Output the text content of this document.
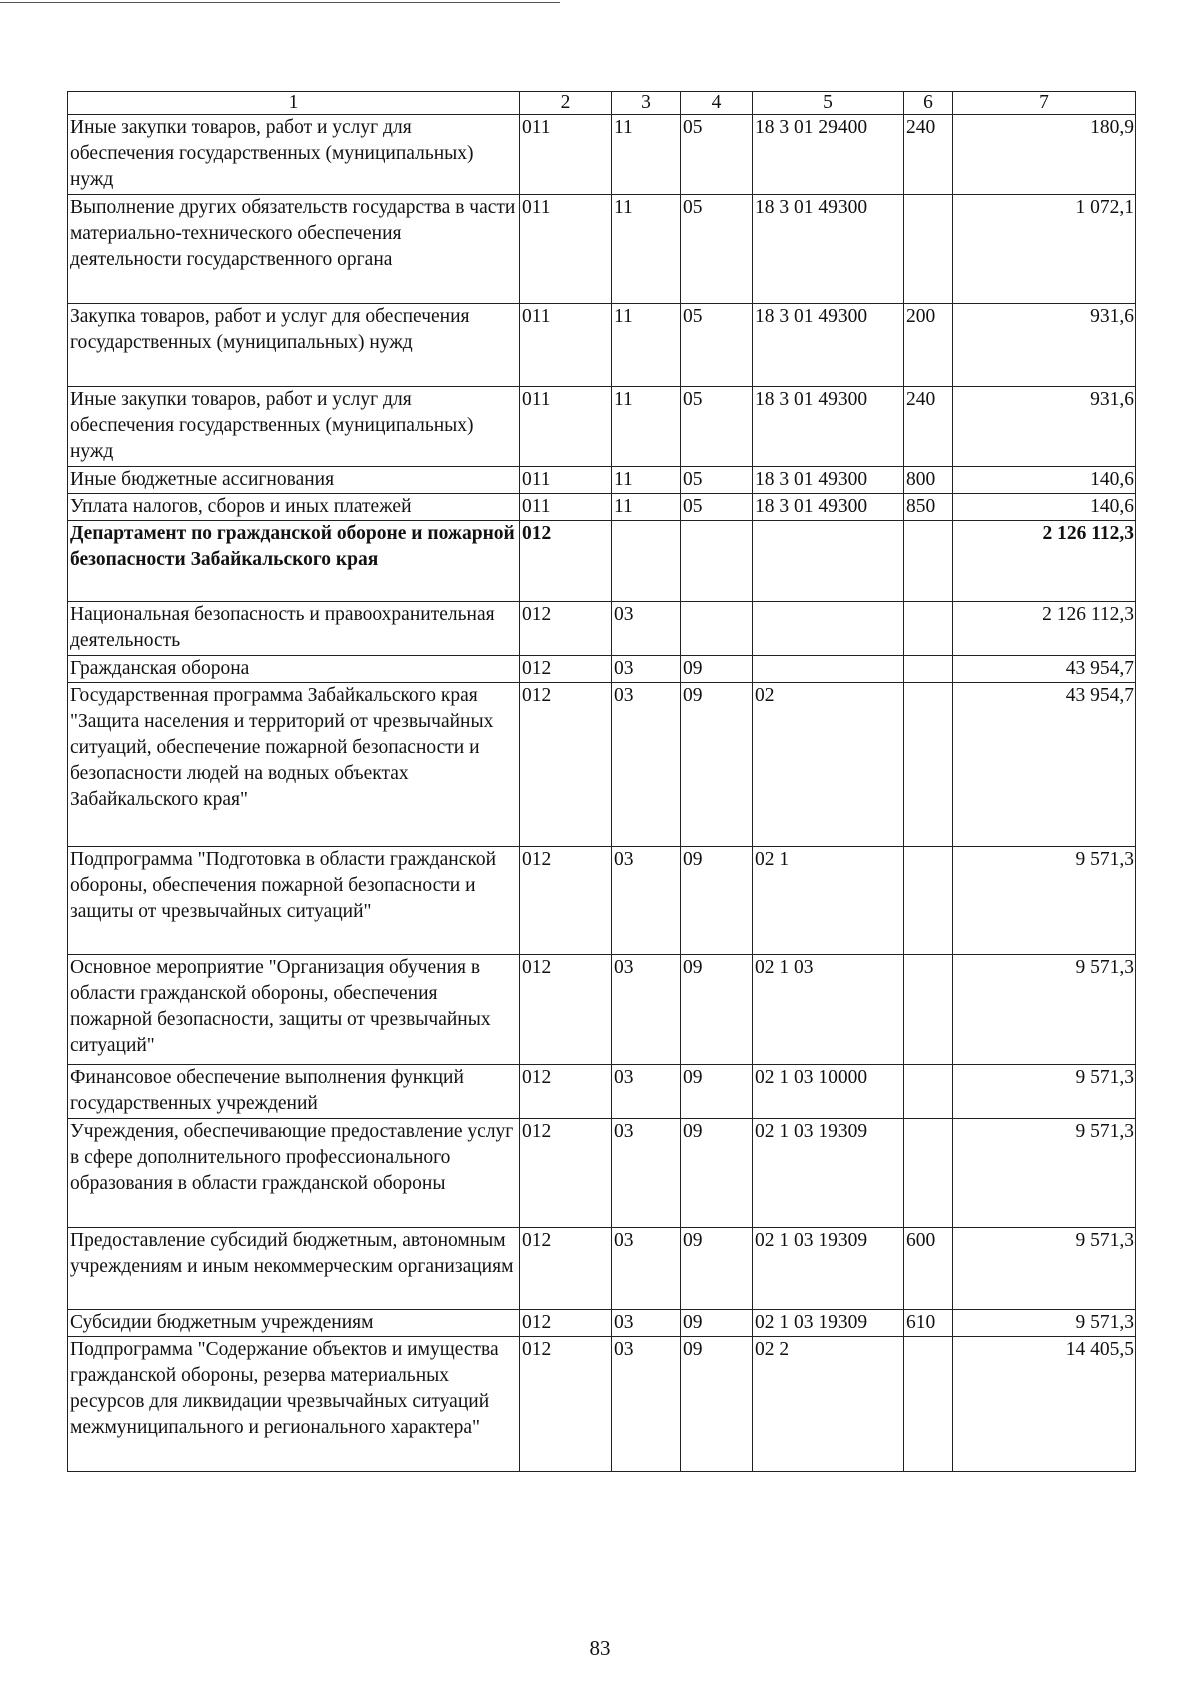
1	2	3	4	5	6	7
Иные закупки товаров, работ и услуг для обеспечения государственных (муниципальных) нужд	011	11	05	18 3 01 29400	240	180,9
Выполнение других обязательств государства в части материально-технического обеспечения деятельности государственного органа	011	11	05	18 3 01 49300		1 072,1
Закупка товаров, работ и услуг для обеспечения государственных (муниципальных) нужд	011	11	05	18 3 01 49300	200	931,6
Иные закупки товаров, работ и услуг для обеспечения государственных (муниципальных) нужд	011	11	05	18 3 01 49300	240	931,6
Иные бюджетные ассигнования	011	11	05	18 3 01 49300	800	140,6
Уплата налогов, сборов и иных платежей	011	11	05	18 3 01 49300	850	140,6
Департамент по гражданской обороне и пожарной безопасности Забайкальского края	012					2 126 112,3
Национальная безопасность и правоохранительная деятельность	012	03				2 126 112,3
Гражданская оборона	012	03	09			43 954,7
Государственная программа Забайкальского края "Защита населения и территорий от чрезвычайных ситуаций, обеспечение пожарной безопасности и безопасности людей на водных объектах Забайкальского края"	012	03	09	02		43 954,7
Подпрограмма "Подготовка в области гражданской обороны, обеспечения пожарной безопасности и защиты от чрезвычайных ситуаций"	012	03	09	02 1		9 571,3
Основное мероприятие "Организация обучения в области гражданской обороны, обеспечения пожарной безопасности, защиты от чрезвычайных ситуаций"	012	03	09	02 1 03		9 571,3
Финансовое обеспечение выполнения функций государственных учреждений	012	03	09	02 1 03 10000		9 571,3
Учреждения, обеспечивающие предоставление услуг в сфере дополнительного профессионального образования в области гражданской обороны	012	03	09	02 1 03 19309		9 571,3
Предоставление субсидий бюджетным, автономным учреждениям и иным некоммерческим организациям	012	03	09	02 1 03 19309	600	9 571,3
Субсидии бюджетным учреждениям	012	03	09	02 1 03 19309	610	9 571,3
Подпрограмма "Содержание объектов и имущества гражданской обороны, резерва материальных ресурсов для ликвидации чрезвычайных ситуаций межмуниципального и регионального характера"	012	03	09	02 2		14 405,5
83
